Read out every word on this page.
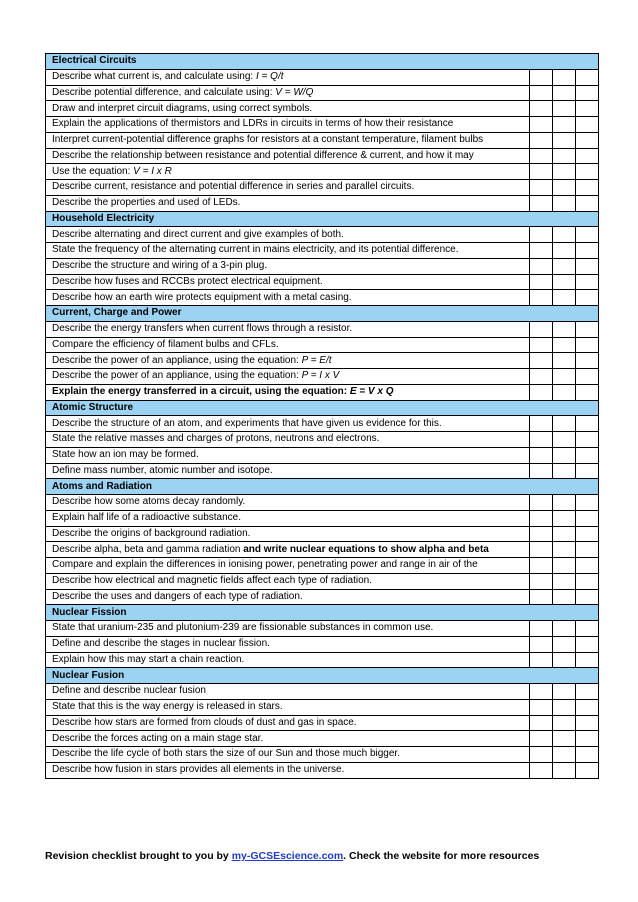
Electrical Circuits			
Describe what current is, and calculate using: I = Q/t			
Describe potential difference, and calculate using: V = W/Q			
Draw and interpret circuit diagrams, using correct symbols.			
Explain the applications of thermistors and LDRs in circuits in terms of how their resistance			
Interpret current-potential difference graphs for resistors at a constant temperature, filament bulbs			
Describe the relationship between resistance and potential difference & current, and how it may			
Use the equation: V = I x R			
Describe current, resistance and potential difference in series and parallel circuits.			
Describe the properties and used of LEDs.			
Household Electricity			
Describe alternating and direct current and give examples of both.			
State the frequency of the alternating current in mains electricity, and its potential difference.			
Describe the structure and wiring of a 3-pin plug.			
Describe how fuses and RCCBs protect electrical equipment.			
Describe how an earth wire protects equipment with a metal casing.			
Current, Charge and Power			
Describe the energy transfers when current flows through a resistor.			
Compare the efficiency of filament bulbs and CFLs.			
Describe the power of an appliance, using the equation: P = E/t			
Describe the power of an appliance, using the equation: P = I x V			
Explain the energy transferred in a circuit, using the equation: E = V x Q			
Atomic Structure			
Describe the structure of an atom, and experiments that have given us evidence for this.			
State the relative masses and charges of protons, neutrons and electrons.			
State how an ion may be formed.			
Define mass number, atomic number and isotope.			
Atoms and Radiation			
Describe how some atoms decay randomly.			
Explain half life of a radioactive substance.			
Describe the origins of background radiation.			
Describe alpha, beta and gamma radiation and write nuclear equations to show alpha and beta			
Compare and explain the differences in ionising power, penetrating power and range in air of the			
Describe how electrical and magnetic fields affect each type of radiation.			
Describe the uses and dangers of each type of radiation.			
Nuclear Fission			
State that uranium-235 and plutonium-239 are fissionable substances in common use.			
Define and describe the stages in nuclear fission.			
Explain how this may start a chain reaction.			
Nuclear Fusion			
Define and describe nuclear fusion			
State that this is the way energy is released in stars.			
Describe how stars are formed from clouds of dust and gas in space.			
Describe the forces acting on a main stage star.			
Describe the life cycle of both stars the size of our Sun and those much bigger.			
Describe how fusion in stars provides all elements in the universe.			
Revision checklist brought to you by my-GCSEscience.com. Check the website for more resources
